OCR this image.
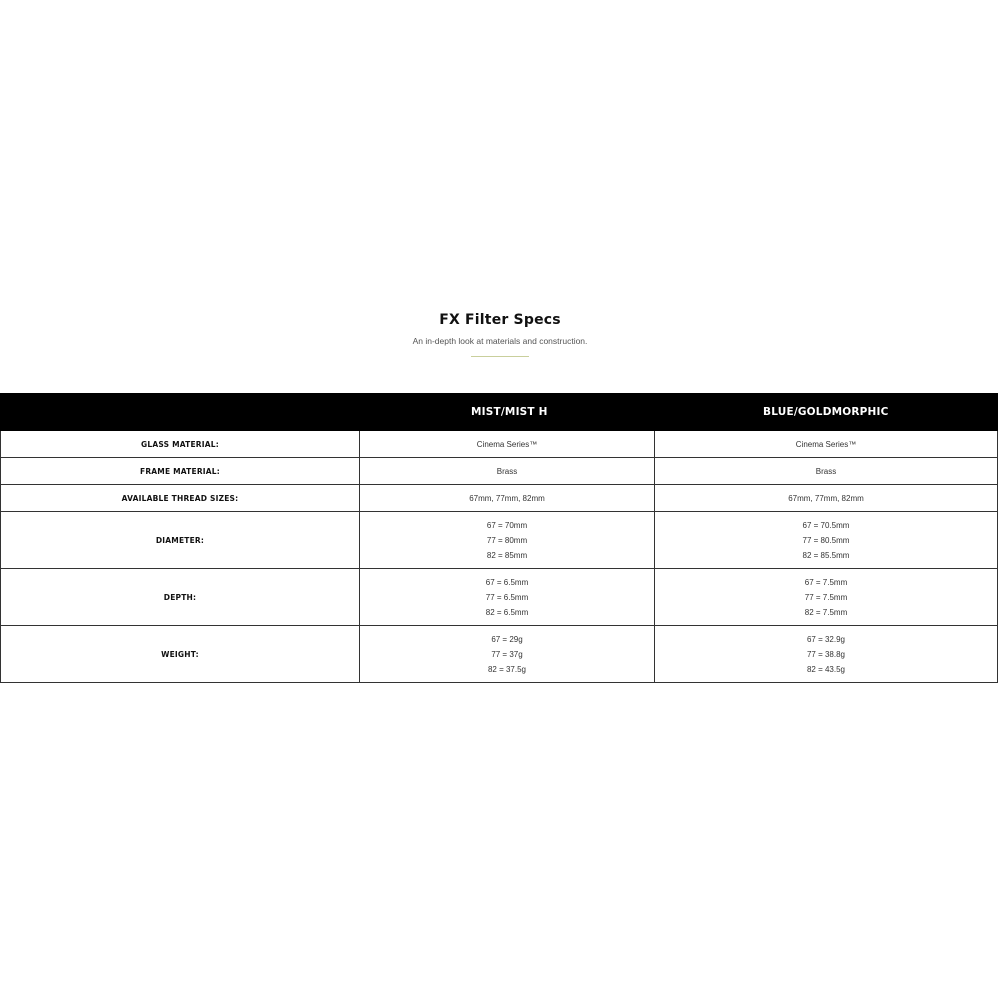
FX Filter Specs
An in-depth look at materials and construction.
	MIST/MIST H	BLUE/GOLDMORPHIC
GLASS MATERIAL:	Cinema Series™	Cinema Series™

FRAME MATERIAL:	Brass	Brass

AVAILABLE THREAD SIZES:	67mm, 77mm, 82mm	67mm, 77mm, 82mm

DIAMETER:	67 = 70mm
77 = 80mm
82 = 85mm	67 = 70.5mm
77 = 80.5mm
82 = 85.5mm

DEPTH:	67 = 6.5mm
77 = 6.5mm
82 = 6.5mm	67 = 7.5mm
77 = 7.5mm
82 = 7.5mm

WEIGHT:	67 = 29g
77 = 37g
82 = 37.5g	67 = 32.9g
77 = 38.8g
82 = 43.5g
